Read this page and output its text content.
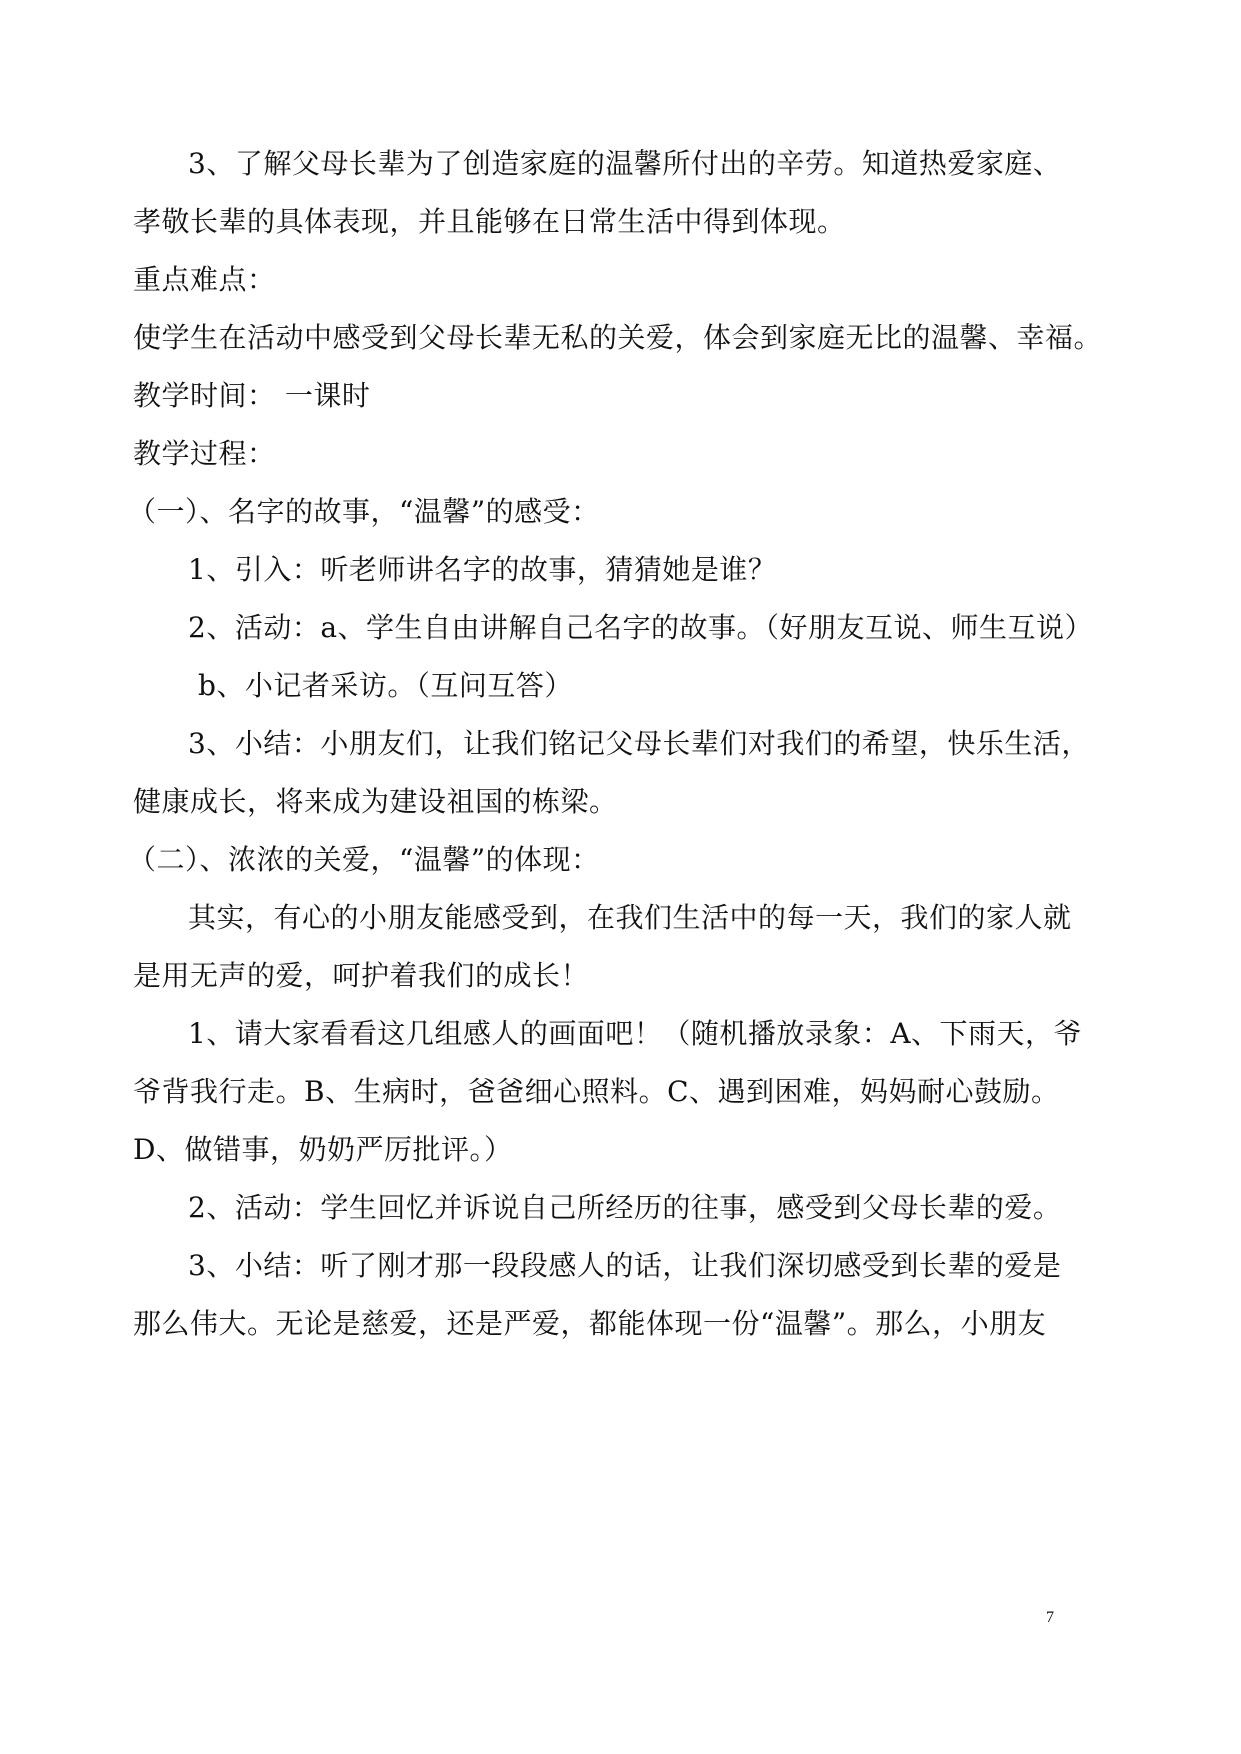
3、了解父母长辈为了创造家庭的温馨所付出的辛劳。知道热爱家庭、
孝敬长辈的具体表现，并且能够在日常生活中得到体现。
重点难点：
使学生在活动中感受到父母长辈无私的关爱，体会到家庭无比的温馨、幸福。
教学时间： 一课时
教学过程：
（一）、名字的故事，“温馨”的感受：
1、引入：听老师讲名字的故事，猜猜她是谁？
2、活动：a、学生自由讲解自己名字的故事。（好朋友互说、师生互说）
b、小记者采访。（互问互答）
3、小结：小朋友们，让我们铭记父母长辈们对我们的希望，快乐生活，
健康成长，将来成为建设祖国的栋梁。
（二）、浓浓的关爱，“温馨”的体现：
其实，有心的小朋友能感受到，在我们生活中的每一天，我们的家人就
是用无声的爱，呵护着我们的成长！
1、请大家看看这几组感人的画面吧！（随机播放录象：A、下雨天，爷
爷背我行走。B、生病时，爸爸细心照料。C、遇到困难，妈妈耐心鼓励。
D、做错事，奶奶严厉批评。）
2、活动：学生回忆并诉说自己所经历的往事，感受到父母长辈的爱。
3、小结：听了刚才那一段段感人的话，让我们深切感受到长辈的爱是
那么伟大。无论是慈爱，还是严爱，都能体现一份“温馨”。那么，小朋友
7
